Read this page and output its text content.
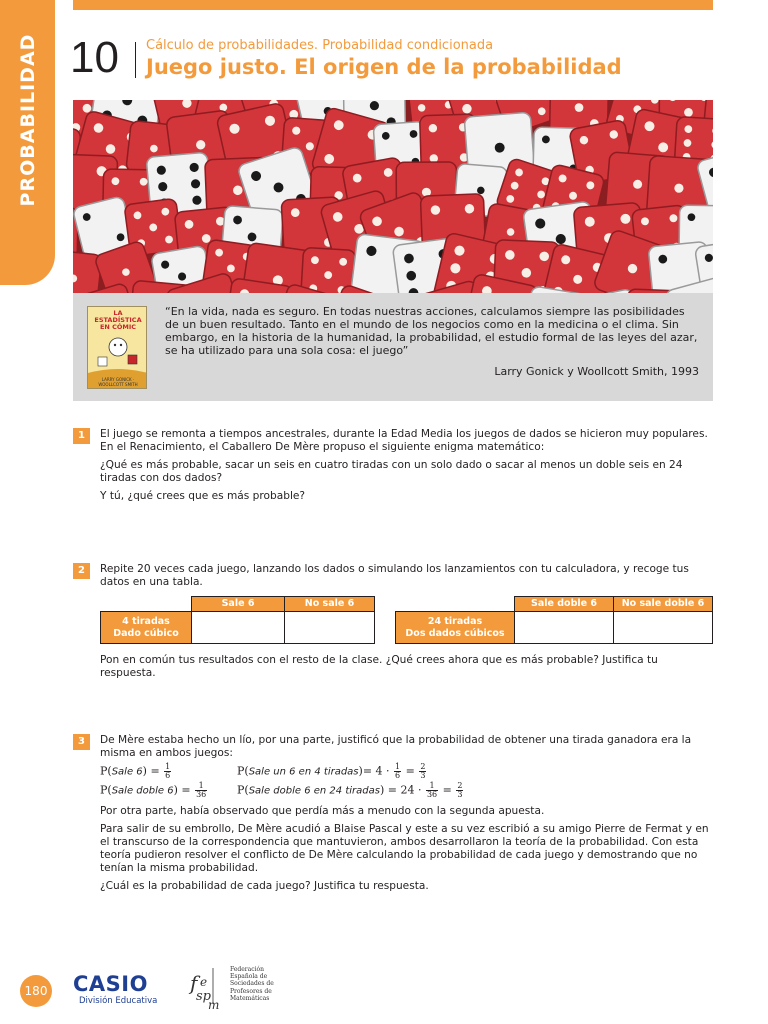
PROBABILIDAD 10 Cálculo de probabilidades. Probabilidad condicionada
Juego justo. El origen de la probabilidad
LA ESTADÍSTICA EN CÓMIC
LARRY GONICK · WOOLLCOTT SMITH
“En la vida, nada es seguro. En todas nuestras acciones, calculamos siempre las posibilidades de un buen resultado. Tanto en el mundo de los negocios como en la medicina o el clima. Sin embargo, en la historia de la humanidad, la probabilidad, el estudio formal de las leyes del azar, se ha utilizado para una sola cosa: el juego”
Larry Gonick y Woollcott Smith, 1993
1	El juego se remonta a tiempos ancestrales, durante la Edad Media los juegos de dados se hicieron muy populares. En el Renacimiento, el Caballero De Mère propuso el siguiente enigma matemático:

¿Qué es más probable, sacar un seis en cuatro tiradas con un solo dado o sacar al menos un doble seis en 24 tiradas con dos dados?

Y tú, ¿qué crees que es más probable?

2	Repite 20 veces cada juego, lanzando los dados o simulando los lanzamientos con tu calculadora, y recoge tus datos en una tabla.

	Sale 6	No sale 6

4 tiradas
Dado cúbico		

	Sale doble 6	No sale doble 6

24 tiradas
Dos dados cúbicos		

Pon en común tus resultados con el resto de la clase. ¿Qué crees ahora que es más probable? Justifica tu respuesta.

3	De Mère estaba hecho un lío, por una parte, justificó que la probabilidad de obtener una tirada ganadora era la misma en ambos juegos:

P(Sale $6) = \frac{1}{6}$	P(Sale un 6 en 4 tiradas)= $4 \cdot \frac{1}{6} = \frac{2}{3}$
P(Sale doble $6) = \frac{1}{36}$	P(Sale doble 6 en 24 tiradas) = $24 \cdot \frac{1}{36} = \frac{2}{3}$

Por otra parte, había observado que perdía más a menudo con la segunda apuesta.

Para salir de su embrollo, De Mère acudió a Blaise Pascal y este a su vez escribió a su amigo Pierre de Fermat y en el transcurso de la correspondencia que mantuvieron, ambos desarrollaron la teoría de la probabilidad. Con esta teoría pudieron resolver el conflicto de De Mère calculando la probabilidad de cada juego y demostrando que no tenían la misma probabilidad.

¿Cuál es la probabilidad de cada juego? Justifica tu respuesta.

180 CASIO
División Educativa
f e
sp
m
Federación
Española de
Sociedades de
Profesores de
Matemáticas
